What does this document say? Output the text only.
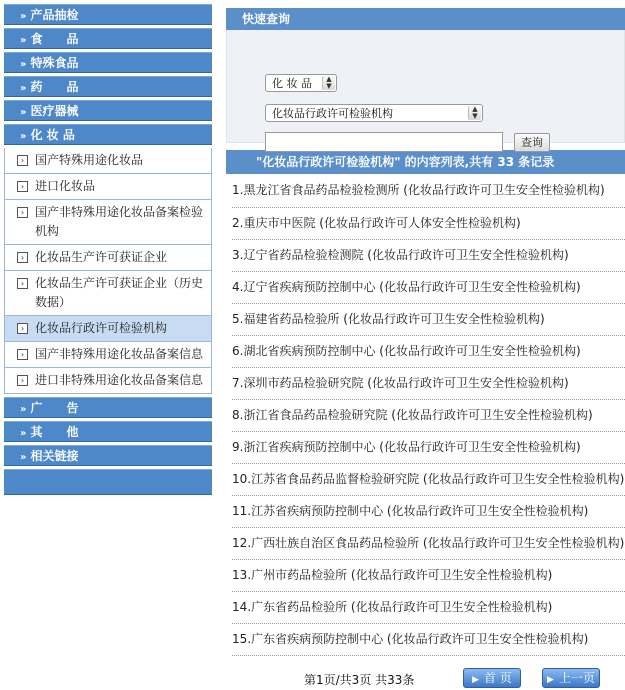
» 产品抽检
» 食　　品
» 特殊食品
» 药　　品
» 医疗器械
» 化 妆 品
› 国产特殊用途化妆品
› 进口化妆品
› 国产非特殊用途化妆品备案检验机构
› 化妆品生产许可获证企业
› 化妆品生产许可获证企业（历史数据）
› 化妆品行政许可检验机构
› 国产非特殊用途化妆品备案信息
› 进口非特殊用途化妆品备案信息
» 广　　告
» 其　　他
» 相关链接
快速查询
化 妆 品	▲
▼
化妆品行政许可检验机构	▲
▼
查询
"化妆品行政许可检验机构" 的内容列表,共有 33 条记录
1.黑龙江省食品药品检验检测所 (化妆品行政许可卫生安全性检验机构)
2.重庆市中医院 (化妆品行政许可人体安全性检验机构)
3.辽宁省药品检验检测院 (化妆品行政许可卫生安全性检验机构)
4.辽宁省疾病预防控制中心 (化妆品行政许可卫生安全性检验机构)
5.福建省药品检验所 (化妆品行政许可卫生安全性检验机构)
6.湖北省疾病预防控制中心 (化妆品行政许可卫生安全性检验机构)
7.深圳市药品检验研究院 (化妆品行政许可卫生安全性检验机构)
8.浙江省食品药品检验研究院 (化妆品行政许可卫生安全性检验机构)
9.浙江省疾病预防控制中心 (化妆品行政许可卫生安全性检验机构)
10.江苏省食品药品监督检验研究院 (化妆品行政许可卫生安全性检验机构)
11.江苏省疾病预防控制中心 (化妆品行政许可卫生安全性检验机构)
12.广西壮族自治区食品药品检验所 (化妆品行政许可卫生安全性检验机构)
13.广州市药品检验所 (化妆品行政许可卫生安全性检验机构)
14.广东省药品检验所 (化妆品行政许可卫生安全性检验机构)
15.广东省疾病预防控制中心 (化妆品行政许可卫生安全性检验机构)
第1页/共3页 共33条	▶ 首 页	▶ 上一页
